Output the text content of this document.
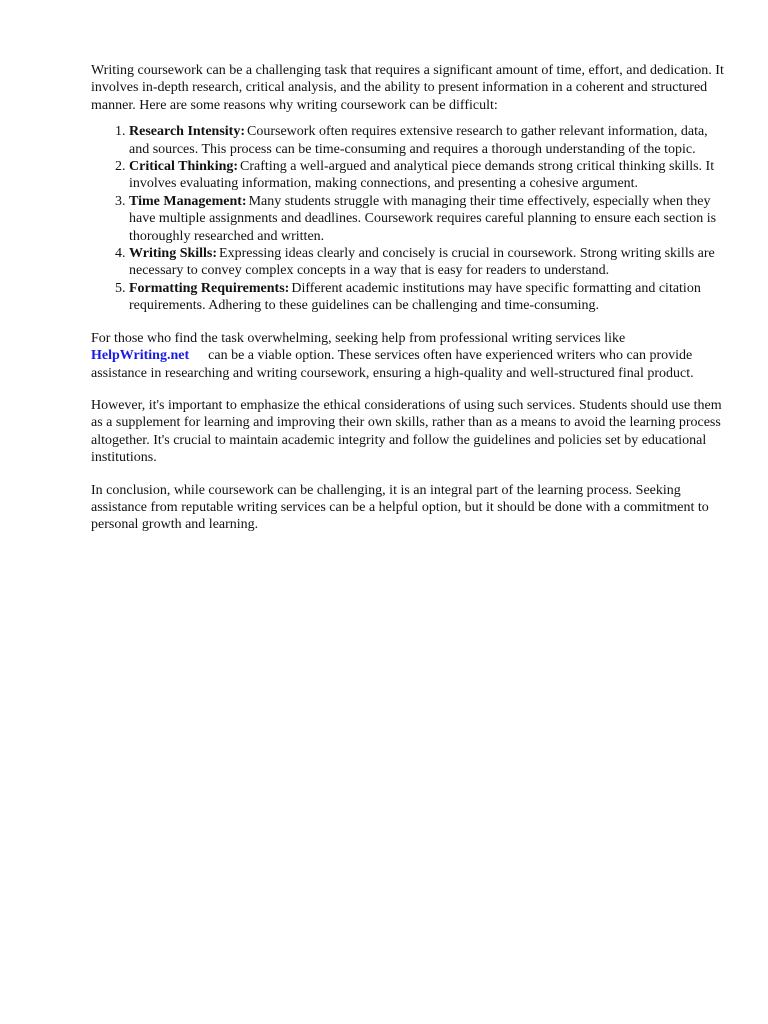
Writing coursework can be a challenging task that requires a significant amount of time, effort, and dedication. It involves in-depth research, critical analysis, and the ability to present information in a coherent and structured manner. Here are some reasons why writing coursework can be difficult:

1. Research Intensity: Coursework often requires extensive research to gather relevant information, data, and sources. This process can be time-consuming and requires a thorough understanding of the topic.
2. Critical Thinking: Crafting a well-argued and analytical piece demands strong critical thinking skills. It involves evaluating information, making connections, and presenting a cohesive argument.
3. Time Management: Many students struggle with managing their time effectively, especially when they have multiple assignments and deadlines. Coursework requires careful planning to ensure each section is thoroughly researched and written.
4. Writing Skills: Expressing ideas clearly and concisely is crucial in coursework. Strong writing skills are necessary to convey complex concepts in a way that is easy for readers to understand.
5. Formatting Requirements: Different academic institutions may have specific formatting and citation requirements. Adhering to these guidelines can be challenging and time-consuming.

For those who find the task overwhelming, seeking help from professional writing services like HelpWriting.net can be a viable option. These services often have experienced writers who can provide assistance in researching and writing coursework, ensuring a high-quality and well-structured final product.

However, it's important to emphasize the ethical considerations of using such services. Students should use them as a supplement for learning and improving their own skills, rather than as a means to avoid the learning process altogether. It's crucial to maintain academic integrity and follow the guidelines and policies set by educational institutions.

In conclusion, while coursework can be challenging, it is an integral part of the learning process. Seeking assistance from reputable writing services can be a helpful option, but it should be done with a commitment to personal growth and learning.
